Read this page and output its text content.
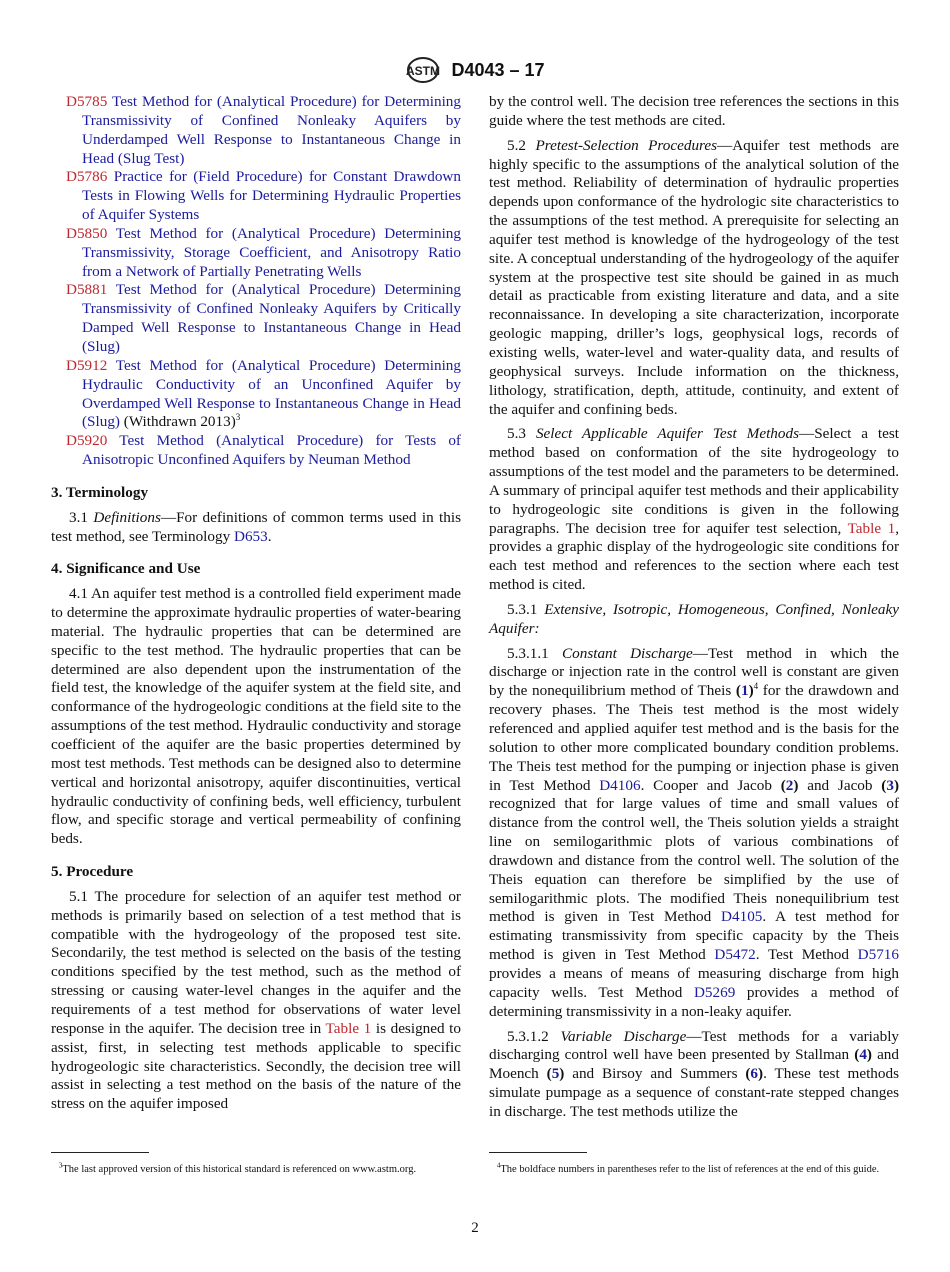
ASTM D4043 – 17

D5785 Test Method for (Analytical Procedure) for Determining Transmissivity of Confined Nonleaky Aquifers by Underdamped Well Response to Instantaneous Change in Head (Slug Test)

D5786 Practice for (Field Procedure) for Constant Drawdown Tests in Flowing Wells for Determining Hydraulic Properties of Aquifer Systems

D5850 Test Method for (Analytical Procedure) Determining Transmissivity, Storage Coefficient, and Anisotropy Ratio from a Network of Partially Penetrating Wells

D5881 Test Method for (Analytical Procedure) Determining Transmissivity of Confined Nonleaky Aquifers by Critically Damped Well Response to Instantaneous Change in Head (Slug)

D5912 Test Method for (Analytical Procedure) Determining Hydraulic Conductivity of an Unconfined Aquifer by Overdamped Well Response to Instantaneous Change in Head (Slug) (Withdrawn 2013)$^3$

D5920 Test Method (Analytical Procedure) for Tests of Anisotropic Unconfined Aquifers by Neuman Method

3. Terminology

3.1 Definitions—For definitions of common terms used in this test method, see Terminology D653.

4. Significance and Use

4.1 An aquifer test method is a controlled field experiment made to determine the approximate hydraulic properties of water-bearing material. The hydraulic properties that can be determined are specific to the test method. The hydraulic properties that can be determined are also dependent upon the instrumentation of the field test, the knowledge of the aquifer system at the field site, and conformance of the hydrogeologic conditions at the field site to the assumptions of the test method. Hydraulic conductivity and storage coefficient of the aquifer are the basic properties determined by most test methods. Test methods can be designed also to determine vertical and horizontal anisotropy, aquifer discontinuities, vertical hydraulic conductivity of confining beds, well efficiency, turbulent flow, and specific storage and vertical permeability of confining beds.

5. Procedure

5.1 The procedure for selection of an aquifer test method or methods is primarily based on selection of a test method that is compatible with the hydrogeology of the proposed test site. Secondarily, the test method is selected on the basis of the testing conditions specified by the test method, such as the method of stressing or causing water-level changes in the aquifer and the requirements of a test method for observations of water level response in the aquifer. The decision tree in Table 1 is designed to assist, first, in selecting test methods applicable to specific hydrogeologic site characteristics. Secondly, the decision tree will assist in selecting a test method on the basis of the nature of the stress on the aquifer imposed

by the control well. The decision tree references the sections in this guide where the test methods are cited.

5.2 Pretest-Selection Procedures—Aquifer test methods are highly specific to the assumptions of the analytical solution of the test method. Reliability of determination of hydraulic properties depends upon conformance of the hydrologic site characteristics to the assumptions of the test method. A prerequisite for selecting an aquifer test method is knowledge of the hydrogeology of the test site. A conceptual understanding of the hydrogeology of the aquifer system at the prospective test site should be gained in as much detail as practicable from existing literature and data, and a site reconnaissance. In developing a site characterization, incorporate geologic mapping, driller’s logs, geophysical logs, records of existing wells, water-level and water-quality data, and results of geophysical surveys. Include information on the thickness, lithology, stratification, depth, attitude, continuity, and extent of the aquifer and confining beds.

5.3 Select Applicable Aquifer Test Methods—Select a test method based on conformation of the site hydrogeology to assumptions of the test model and the parameters to be determined. A summary of principal aquifer test methods and their applicability to hydrogeologic site conditions is given in the following paragraphs. The decision tree for aquifer test selection, Table 1, provides a graphic display of the hydrogeologic site conditions for each test method and references to the section where each test method is cited.

5.3.1 Extensive, Isotropic, Homogeneous, Confined, Nonleaky Aquifer:

5.3.1.1 Constant Discharge—Test method in which the discharge or injection rate in the control well is constant are given by the nonequilibrium method of Theis $(1)^4$ for the drawdown and recovery phases. The Theis test method is the most widely referenced and applied aquifer test method and is the basis for the solution to other more complicated boundary condition problems. The Theis test method for the pumping or injection phase is given in Test Method D4106. Cooper and Jacob (2) and Jacob (3) recognized that for large values of time and small values of distance from the control well, the Theis solution yields a straight line on semilogarithmic plots of various combinations of drawdown and distance from the control well. The solution of the Theis equation can therefore be simplified by the use of semilogarithmic plots. The modified Theis nonequilibrium test method is given in Test Method D4105. A test method for estimating transmissivity from specific capacity by the Theis method is given in Test Method D5472. Test Method D5716 provides a means of means of measuring discharge from high capacity wells. Test Method D5269 provides a method of determining transmissivity in a non-leaky aquifer.

5.3.1.2 Variable Discharge—Test methods for a variably discharging control well have been presented by Stallman (4) and Moench (5) and Birsoy and Summers (6). These test methods simulate pumpage as a sequence of constant-rate stepped changes in discharge. The test methods utilize the

$^3$The last approved version of this historical standard is referenced on www.astm.org.	$^4$The boldface numbers in parentheses refer to the list of references at the end of this guide.
2
